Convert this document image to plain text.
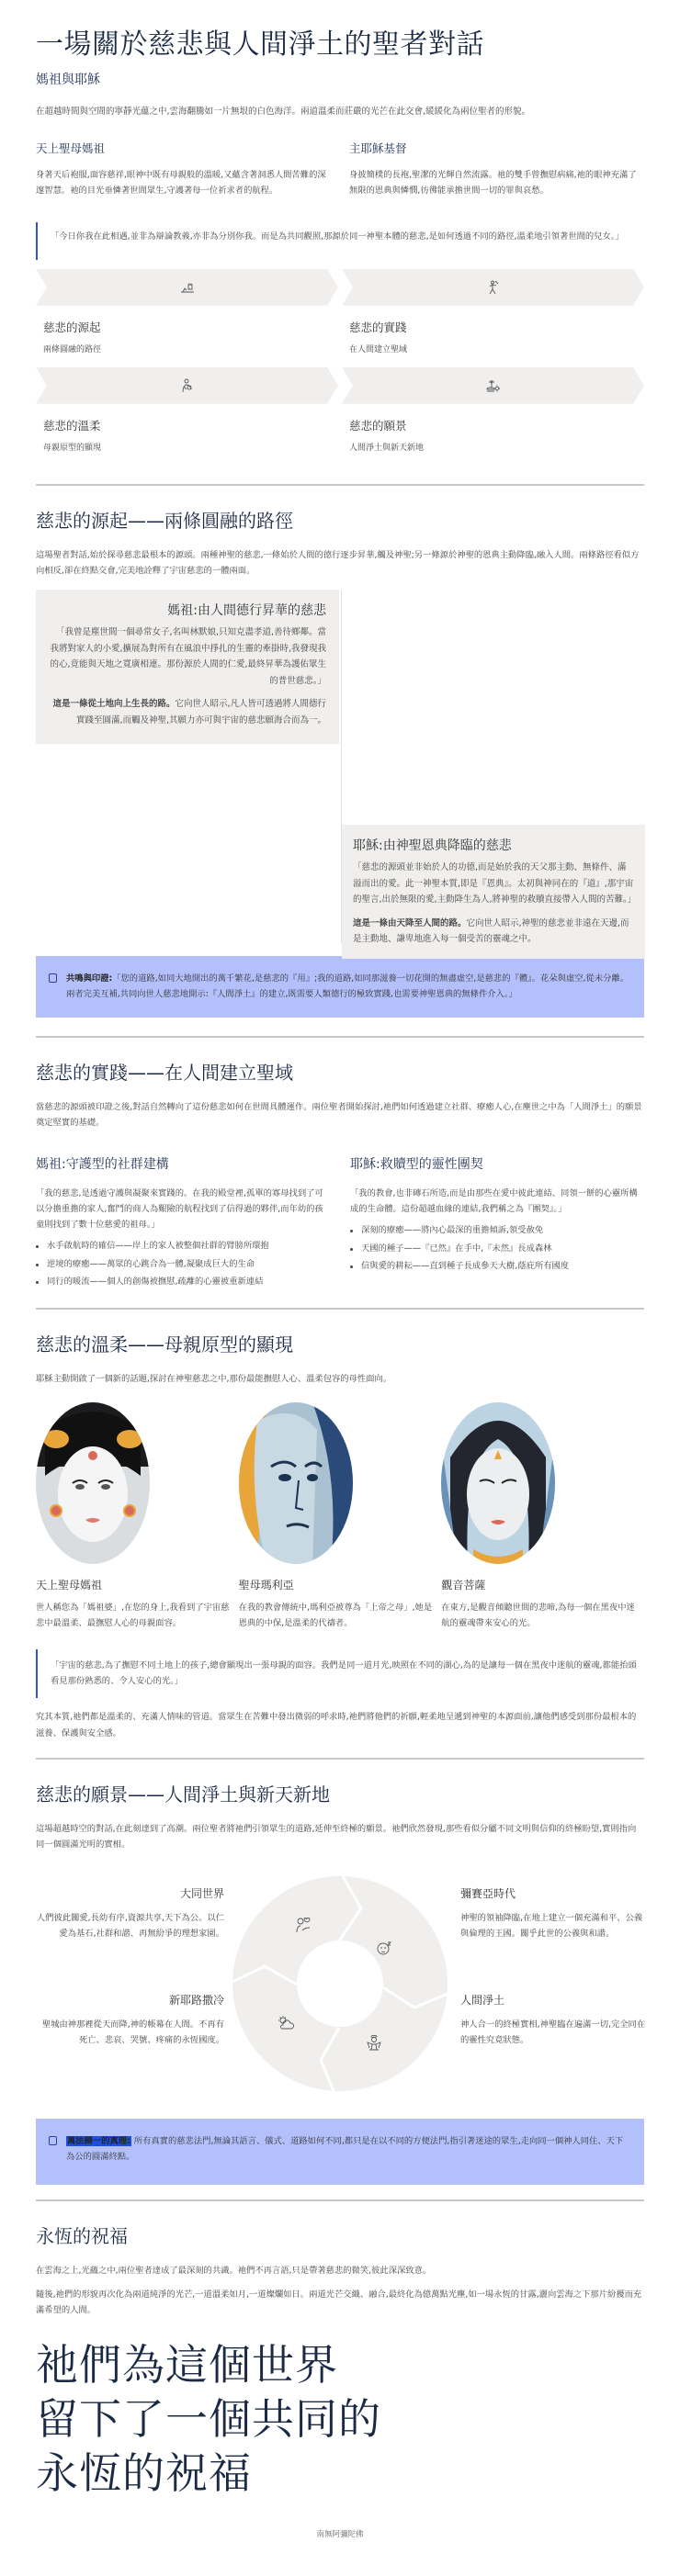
一場關於慈悲與人間淨土的聖者對話
媽祖與耶穌

在超越時間與空間的寧靜光蘊之中,雲海翻騰如一片無垠的白色海洋。兩道溫柔而莊嚴的光芒在此交會,緩緩化為兩位聖者的形貌。

天上聖母媽祖

身著天后袍服,面容慈祥,眼神中既有母親般的溫暖,又蘊含著洞悉人間苦難的深邃智慧。祂的目光垂憐著世間眾生,守護著每一位祈求者的航程。

主耶穌基督

身披簡樸的長袍,聖潔的光輝自然流露。祂的雙手曾撫慰病痛,祂的眼神充滿了無限的恩典與憐憫,彷彿能承擔世間一切的罪與哀愁。

「今日你我在此相遇,並非為辯論教義,亦非為分別你我。而是為共同觀照,那源於同一神聖本體的慈悲,是如何透過不同的路徑,溫柔地引領著世間的兒女。」
慈悲的源起
兩條圓融的路徑
慈悲的實踐
在人間建立聖域
慈悲的溫柔
母親原型的顯現
慈悲的願景
人間淨土與新天新地
慈悲的源起——兩條圓融的路徑

這場聖者對話,始於探尋慈悲最根本的源頭。兩種神聖的慈悲,一條始於人間的德行逐步昇華,觸及神聖;另一條源於神聖的恩典主動降臨,融入人間。兩條路徑看似方向相反,卻在終點交會,完美地詮釋了宇宙慈悲的一體兩面。

媽祖:由人間德行昇華的慈悲

「我曾是塵世間一個尋常女子,名叫林默娘,只知克盡孝道,善待鄉鄰。當我將對家人的小愛,擴展為對所有在風浪中掙扎的生靈的牽掛時,我發現我的心,竟能與天地之寬廣相連。那份源於人間的仁愛,最終昇華為護佑眾生的普世慈悲。」

這是一條從土地向上生長的路。它向世人昭示,凡人皆可透過將人間德行實踐至圓滿,而觸及神聖,其願力亦可與宇宙的慈悲願海合而為一。

耶穌:由神聖恩典降臨的慈悲

「慈悲的源頭並非始於人的功德,而是始於我的天父那主動、無條件、滿溢而出的愛。此一神聖本質,即是『恩典』。太初與神同在的『道』,那宇宙的聖言,出於無限的愛,主動降生為人,將神聖的救贖直接帶入人間的苦難。」

這是一條由天降至人間的路。它向世人昭示,神聖的慈悲並非遠在天邊,而是主動地、謙卑地進入每一個受苦的靈魂之中。

共鳴與印證:「您的道路,如同大地開出的萬千繁花,是慈悲的『用』;我的道路,如同那滋養一切花開的無盡虛空,是慈悲的『體』。花朵與虛空,從未分離。兩者完美互補,共同向世人慈悲地開示:『人間淨土』的建立,既需要人類德行的極致實踐,也需要神聖恩典的無條件介入。」

慈悲的實踐——在人間建立聖域

當慈悲的源頭被印證之後,對話自然轉向了這份慈悲如何在世間具體運作。兩位聖者開始探討,祂們如何透過建立社群、療癒人心,在塵世之中為「人間淨土」的願景奠定堅實的基礎。

媽祖:守護型的社群建構

「我的慈悲,是透過守護與凝聚來實踐的。在我的殿堂裡,孤單的寡母找到了可以分擔重擔的家人,奮鬥的商人為艱險的航程找到了信得過的夥伴,而年幼的孩童則找到了數十位慈愛的祖母。」

水手啟航時的確信——岸上的家人被整個社群的臂膀所環抱
逆境的療癒——萬眾的心跳合為一體,凝聚成巨大的生命
同行的暖流——個人的創傷被撫慰,疏離的心靈被重新連結
耶穌:救贖型的靈性團契

「我的教會,也非磚石所造,而是由那些在愛中彼此連結、同領一餅的心靈所構成的生命體。這份超越血緣的連結,我們稱之為『團契』。」

深刻的療癒——將內心最深的重擔傾訴,領受赦免
天國的種子——『已然』在手中,『未然』長成森林
信與愛的耕耘——直到種子長成參天大樹,蔭庇所有國度
慈悲的溫柔——母親原型的顯現

耶穌主動開啟了一個新的話題,探討在神聖慈悲之中,那份最能撫慰人心、溫柔包容的母性面向。

天上聖母媽祖

世人稱您為「媽祖婆」,在您的身上,我看到了宇宙慈悲中最溫柔、最撫慰人心的母親面容。

聖母瑪利亞

在我的教會傳統中,瑪利亞被尊為「上帝之母」,她是恩典的中保,是溫柔的代禱者。

觀音菩薩

在東方,是觀音傾聽世間的悲啼,為每一個在黑夜中迷航的靈魂帶來安心的光。

「宇宙的慈悲,為了撫慰不同土地上的孩子,總會顯現出一張母親的面容。我們是同一道月光,映照在不同的湖心,為的是讓每一個在黑夜中迷航的靈魂,都能抬頭看見那份熟悉的、令人安心的光。」

究其本質,祂們都是溫柔的、充滿人情味的管道。當眾生在苦難中發出微弱的呼求時,祂們將他們的祈願,輕柔地呈遞到神聖的本源面前,讓他們感受到那份最根本的滋養、保護與安全感。

慈悲的願景——人間淨土與新天新地

這場超越時空的對話,在此刻達到了高潮。兩位聖者將祂們引領眾生的道路,延伸至終極的願景。祂們欣然發現,那些看似分屬不同文明與信仰的終極盼望,實則指向同一個圓滿光明的實相。

大同世界

人們彼此關愛,長幼有序,資源共享,天下為公。以仁愛為基石,社群和諧、再無紛爭的理想家園。

彌賽亞時代

神聖的領袖降臨,在地上建立一個充滿和平、公義與倫理的王國。關乎此世的公義與和諧。

新耶路撒冷

聖城由神那裡從天而降,神的帳幕在人間。不再有死亡、悲哀、哭號、疼痛的永恆國度。

人間淨土

神人合一的終極實相,神聖臨在遍滿一切,完全同在的靈性究竟狀態。

萬法歸一的真理: 所有真實的慈悲法門,無論其語言、儀式、道路如何不同,都只是在以不同的方便法門,指引著迷途的眾生,走向同一個神人同住、天下為公的圓滿終點。

永恆的祝福

在雲海之上,光蘊之中,兩位聖者達成了最深刻的共識。祂們不再言語,只是帶著慈悲的微笑,彼此深深致意。

隨後,祂們的形貌再次化為兩道純淨的光芒,一道溫柔如月,一道燦爛如日。兩道光芒交織、融合,最終化為億萬點光塵,如一場永恆的甘露,灑向雲海之下那片紛擾而充滿希望的人間。

祂們為這個世界
留下了一個共同的
永恆的祝福
南無阿彌陀佛
